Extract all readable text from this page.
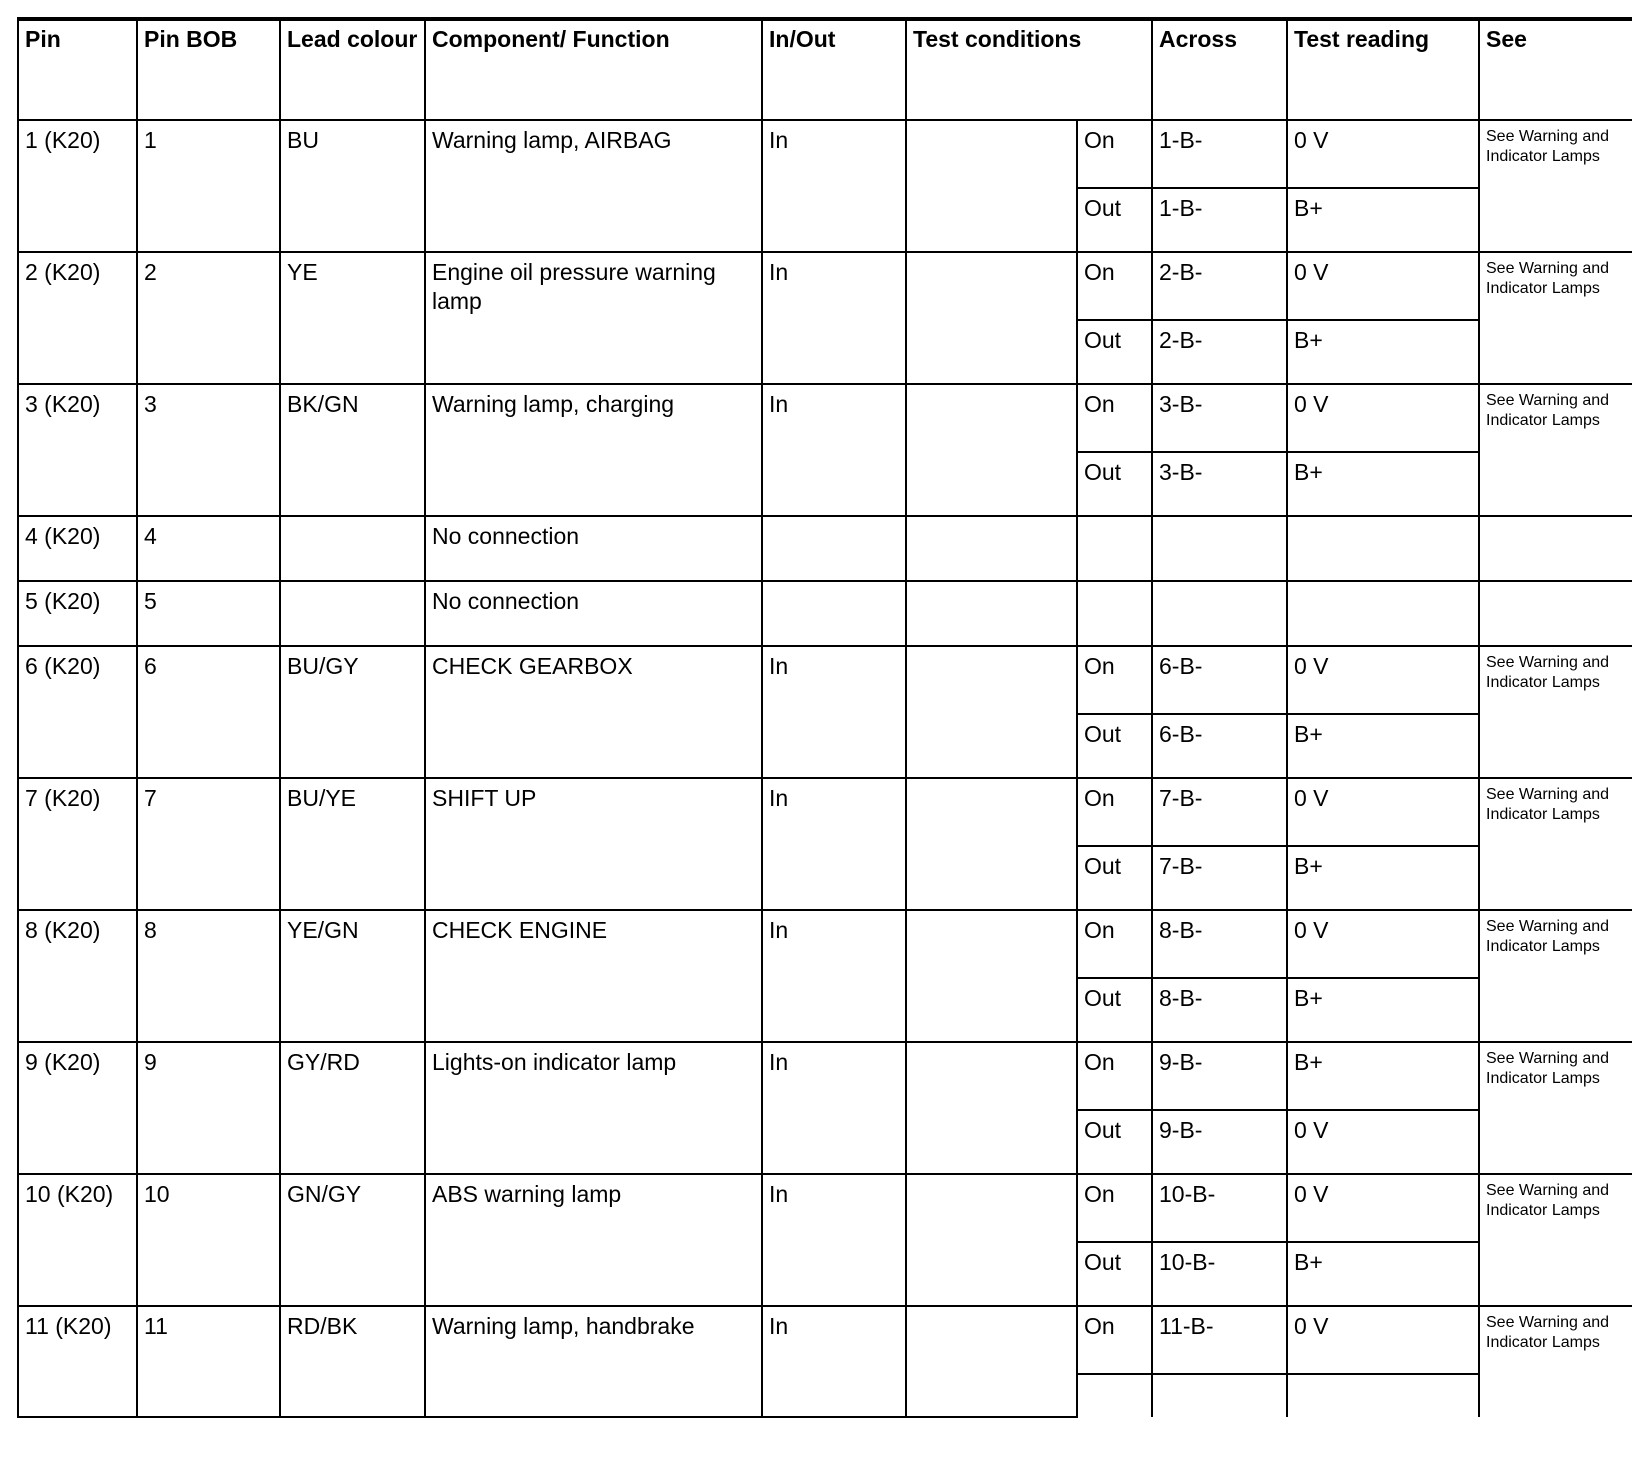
Pin	Pin BOB	Lead colour	Component/ Function	In/Out	Test conditions		Across	Test reading	See
1 (K20)	1	BU	Warning lamp, AIRBAG	In		On	1-B-	0 V	See Warning and Indicator Lamps
						Out	1-B-	B+	
2 (K20)	2	YE	Engine oil pressure warning lamp	In		On	2-B-	0 V	See Warning and Indicator Lamps
						Out	2-B-	B+	
3 (K20)	3	BK/GN	Warning lamp, charging	In		On	3-B-	0 V	See Warning and Indicator Lamps
						Out	3-B-	B+	
4 (K20)	4		No connection						
5 (K20)	5		No connection						
6 (K20)	6	BU/GY	CHECK GEARBOX	In		On	6-B-	0 V	See Warning and Indicator Lamps
						Out	6-B-	B+	
7 (K20)	7	BU/YE	SHIFT UP	In		On	7-B-	0 V	See Warning and Indicator Lamps
						Out	7-B-	B+	
8 (K20)	8	YE/GN	CHECK ENGINE	In		On	8-B-	0 V	See Warning and Indicator Lamps
						Out	8-B-	B+	
9 (K20)	9	GY/RD	Lights-on indicator lamp	In		On	9-B-	B+	See Warning and Indicator Lamps
						Out	9-B-	0 V	
10 (K20)	10	GN/GY	ABS warning lamp	In		On	10-B-	0 V	See Warning and Indicator Lamps
						Out	10-B-	B+	
11 (K20)	11	RD/BK	Warning lamp, handbrake	In		On	11-B-	0 V	See Warning and Indicator Lamps
